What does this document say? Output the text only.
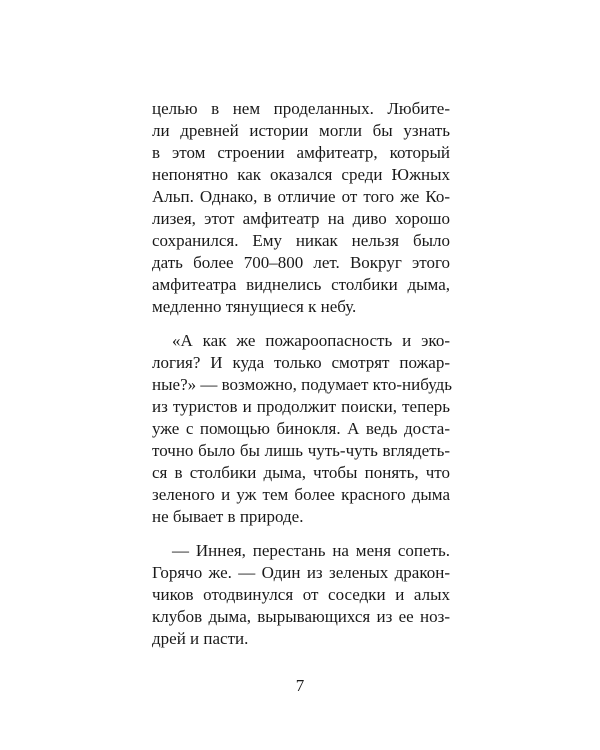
целью в нем проделанных. Любите-
ли древней истории могли бы узнать
в этом строении амфитеатр, который
непонятно как оказался среди Южных
Альп. Однако, в отличие от того же Ко-
лизея, этот амфитеатр на диво хорошо
сохранился. Ему никак нельзя было
дать более 700–800 лет. Вокруг этого
амфитеатра виднелись столбики дыма,
медленно тянущиеся к небу.
«А как же пожароопасность и эко-
логия? И куда только смотрят пожар-
ные?» — возможно, подумает кто-нибудь
из туристов и продолжит поиски, теперь
уже с помощью бинокля. А ведь доста-
точно было бы лишь чуть-чуть вглядеть-
ся в столбики дыма, чтобы понять, что
зеленого и уж тем более красного дыма
не бывает в природе.
— Иннея, перестань на меня сопеть.
Горячо же. — Один из зеленых дракон-
чиков отодвинулся от соседки и алых
клубов дыма, вырывающихся из ее ноз-
дрей и пасти.
7
